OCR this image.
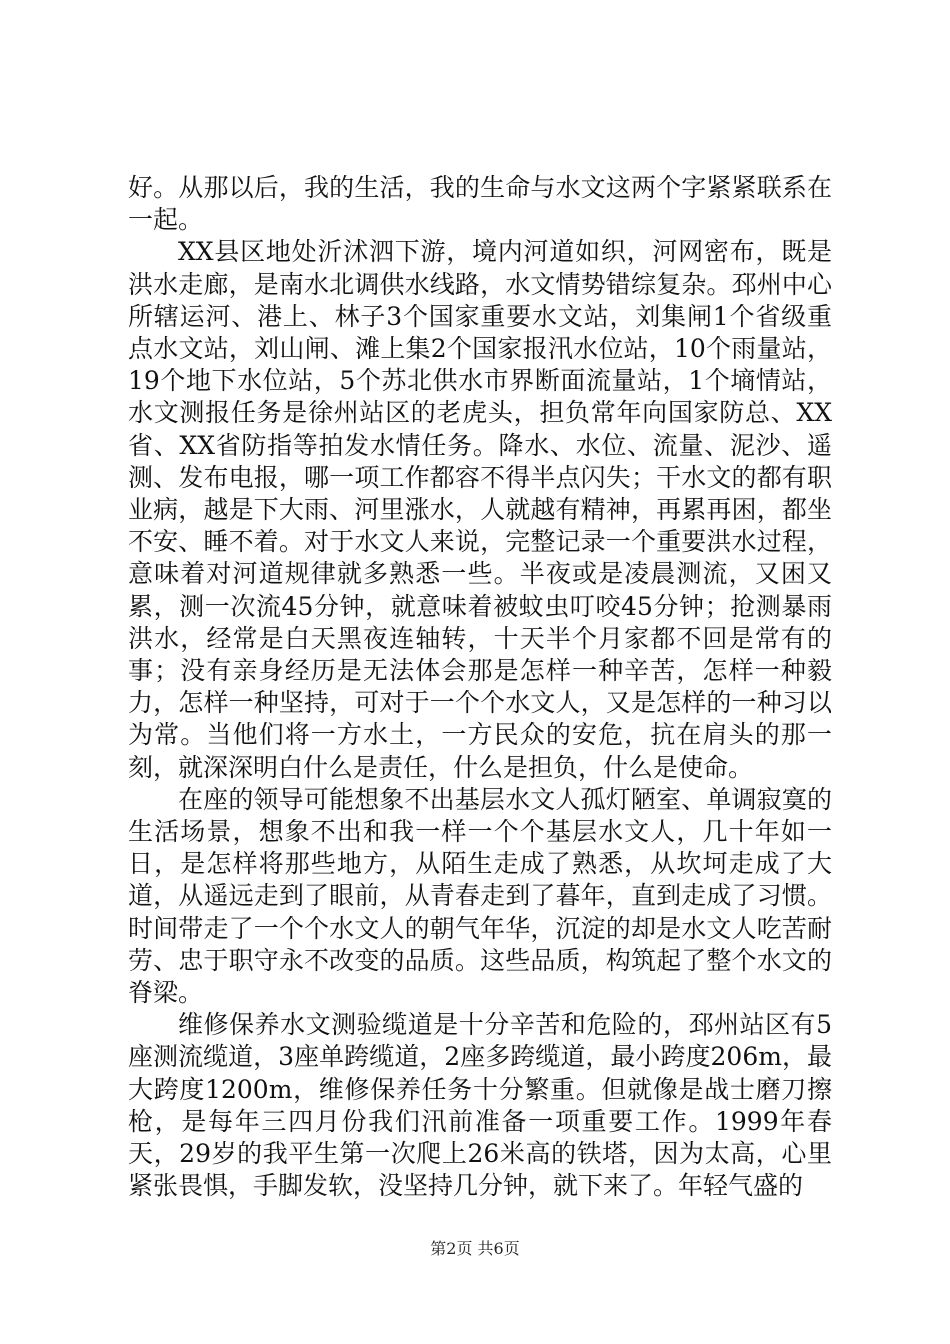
好。从那以后，我的生活，我的生命与水文这两个字紧紧联系在一起。

XX县区地处沂沭泗下游，境内河道如织，河网密布，既是洪水走廊，是南水北调供水线路，水文情势错综复杂。邳州中心所辖运河、港上、林子3个国家重要水文站，刘集闸1个省级重点水文站，刘山闸、滩上集2个国家报汛水位站，10个雨量站，19个地下水位站，5个苏北供水市界断面流量站，1个墒情站，水文测报任务是徐州站区的老虎头，担负常年向国家防总、XX省、XX省防指等拍发水情任务。降水、水位、流量、泥沙、遥测、发布电报，哪一项工作都容不得半点闪失；干水文的都有职业病，越是下大雨、河里涨水，人就越有精神，再累再困，都坐不安、睡不着。对于水文人来说，完整记录一个重要洪水过程，意味着对河道规律就多熟悉一些。半夜或是凌晨测流，又困又累，测一次流45分钟，就意味着被蚊虫叮咬45分钟；抢测暴雨洪水，经常是白天黑夜连轴转，十天半个月家都不回是常有的事；没有亲身经历是无法体会那是怎样一种辛苦，怎样一种毅力，怎样一种坚持，可对于一个个水文人，又是怎样的一种习以为常。当他们将一方水土，一方民众的安危，抗在肩头的那一刻，就深深明白什么是责任，什么是担负，什么是使命。

在座的领导可能想象不出基层水文人孤灯陋室、单调寂寞的生活场景，想象不出和我一样一个个基层水文人，几十年如一日，是怎样将那些地方，从陌生走成了熟悉，从坎坷走成了大道，从遥远走到了眼前，从青春走到了暮年，直到走成了习惯。时间带走了一个个水文人的朝气年华，沉淀的却是水文人吃苦耐劳、忠于职守永不改变的品质。这些品质，构筑起了整个水文的脊梁。

维修保养水文测验缆道是十分辛苦和危险的，邳州站区有5座测流缆道，3座单跨缆道，2座多跨缆道，最小跨度206m，最大跨度1200m，维修保养任务十分繁重。但就像是战士磨刀擦枪，是每年三四月份我们汛前准备一项重要工作。1999年春天，29岁的我平生第一次爬上26米高的铁塔，因为太高，心里紧张畏惧，手脚发软，没坚持几分钟，就下来了。年轻气盛的

第2页 共6页
